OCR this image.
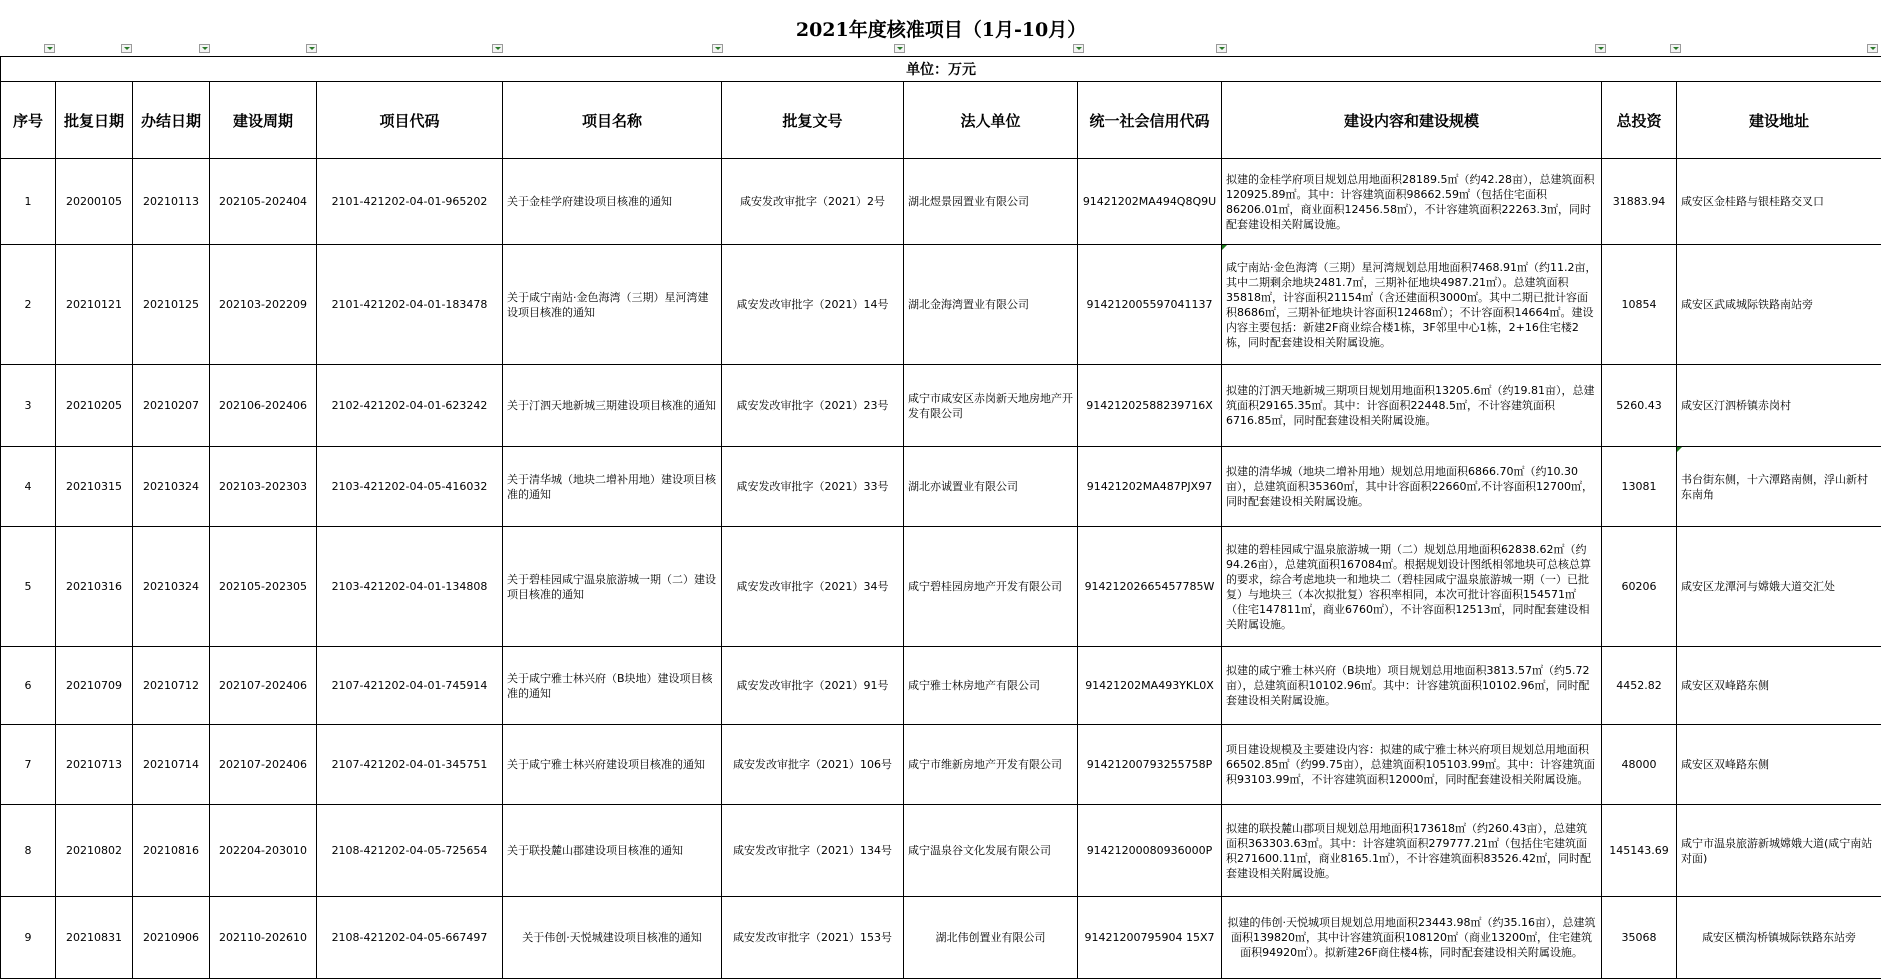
2021年度核准项目（1月-10月）											

单位：万元											
序号	批复日期	办结日期	建设周期	项目代码	项目名称	批复文号	法人单位	统一社会信用代码	建设内容和建设规模	总投资	建设地址
1	20200105	20210113	202105-202404	2101-421202-04-01-965202	关于金桂学府建设项目核准的通知	咸安发改审批字（2021）2号	湖北煜景园置业有限公司	91421202MA494Q8Q9U	拟建的金桂学府项目规划总用地面积28189.5㎡（约42.28亩），总建筑面积120925.89㎡。其中：计容建筑面积98662.59㎡（包括住宅面积 86206.01㎡，商业面积12456.58㎡），不计容建筑面积22263.3㎡，同时配套建设相关附属设施。	31883.94	咸安区金桂路与银桂路交叉口
2	20210121	20210125	202103-202209	2101-421202-04-01-183478	关于咸宁南站·金色海湾（三期）星河湾建设项目核准的通知	咸安发改审批字（2021）14号	湖北金海湾置业有限公司	914212005597041137	咸宁南站·金色海湾（三期）星河湾规划总用地面积7468.91㎡（约11.2亩，其中二期剩余地块2481.7㎡，三期补征地块4987.21㎡）。总建筑面积35818㎡，计容面积21154㎡（含还建面积3000㎡。其中二期已批计容面积8686㎡，三期补征地块计容面积12468㎡）；不计容面积14664㎡。建设内容主要包括：新建2F商业综合楼1栋，3F邻里中心1栋，2+16住宅楼2栋，同时配套建设相关附属设施。	10854	咸安区武咸城际铁路南站旁
3	20210205	20210207	202106-202406	2102-421202-04-01-623242	关于汀泗天地新城三期建设项目核准的通知	咸安发改审批字（2021）23号	咸宁市咸安区赤岗新天地房地产开发有限公司	91421202588239716X	拟建的汀泗天地新城三期项目规划用地面积13205.6㎡（约19.81亩），总建筑面积29165.35㎡。其中：计容面积22448.5㎡，不计容建筑面积6716.85㎡，同时配套建设相关附属设施。	5260.43	咸安区汀泗桥镇赤岗村
4	20210315	20210324	202103-202303	2103-421202-04-05-416032	关于清华城（地块二增补用地）建设项目核准的通知	咸安发改审批字（2021）33号	湖北亦诚置业有限公司	91421202MA487PJX97	拟建的清华城（地块二增补用地）规划总用地面积6866.70㎡（约10.30亩），总建筑面积35360㎡，其中计容面积22660㎡,不计容面积12700㎡，同时配套建设相关附属设施。	13081	书台街东侧，十六潭路南侧，浮山新村东南角
5	20210316	20210324	202105-202305	2103-421202-04-01-134808	关于碧桂园咸宁温泉旅游城一期（二）建设项目核准的通知	咸安发改审批字（2021）34号	咸宁碧桂园房地产开发有限公司	91421202665457785W	拟建的碧桂园咸宁温泉旅游城一期（二）规划总用地面积62838.62㎡（约94.26亩），总建筑面积167084㎡。根据规划设计图纸相邻地块可总核总算的要求，综合考虑地块一和地块二（碧桂园咸宁温泉旅游城一期（一）已批复）与地块三（本次拟批复）容积率相同，本次可批计容面积154571㎡（住宅147811㎡，商业6760㎡），不计容面积12513㎡，同时配套建设相关附属设施。	60206	咸安区龙潭河与嫦娥大道交汇处
6	20210709	20210712	202107-202406	2107-421202-04-01-745914	关于咸宁雅士林兴府（B块地）建设项目核准的通知	咸安发改审批字（2021）91号	咸宁雅士林房地产有限公司	91421202MA493YKL0X	拟建的咸宁雅士林兴府（B块地）项目规划总用地面积3813.57㎡（约5.72亩），总建筑面积10102.96㎡。其中：计容建筑面积10102.96㎡，同时配套建设相关附属设施。	4452.82	咸安区双峰路东侧
7	20210713	20210714	202107-202406	2107-421202-04-01-345751	关于咸宁雅士林兴府建设项目核准的通知	咸安发改审批字（2021）106号	咸宁市维新房地产开发有限公司	91421200793255758P	项目建设规模及主要建设内容：拟建的咸宁雅士林兴府项目规划总用地面积66502.85㎡（约99.75亩），总建筑面积105103.99㎡。其中：计容建筑面积93103.99㎡，不计容建筑面积12000㎡，同时配套建设相关附属设施。	48000	咸安区双峰路东侧
8	20210802	20210816	202204-203010	2108-421202-04-05-725654	关于联投麓山郡建设项目核准的通知	咸安发改审批字（2021）134号	咸宁温泉谷文化发展有限公司	91421200080936000P	拟建的联投麓山郡项目规划总用地面积173618㎡（约260.43亩），总建筑面积363303.63㎡。其中：计容建筑面积279777.21㎡（包括住宅建筑面积271600.11㎡，商业8165.1㎡），不计容建筑面积83526.42㎡，同时配套建设相关附属设施。	145143.69	咸宁市温泉旅游新城嫦娥大道(咸宁南站对面)
9	20210831	20210906	202110-202610	2108-421202-04-05-667497	关于伟创·天悦城建设项目核准的通知	咸安发改审批字（2021）153号	湖北伟创置业有限公司	91421200795904 15X7	拟建的伟创·天悦城项目规划总用地面积23443.98㎡（约35.16亩），总建筑面积139820㎡，其中计容建筑面积108120㎡（商业13200㎡，住宅建筑面积94920㎡）。拟新建26F商住楼4栋，同时配套建设相关附属设施。	35068	咸安区横沟桥镇城际铁路东站旁
